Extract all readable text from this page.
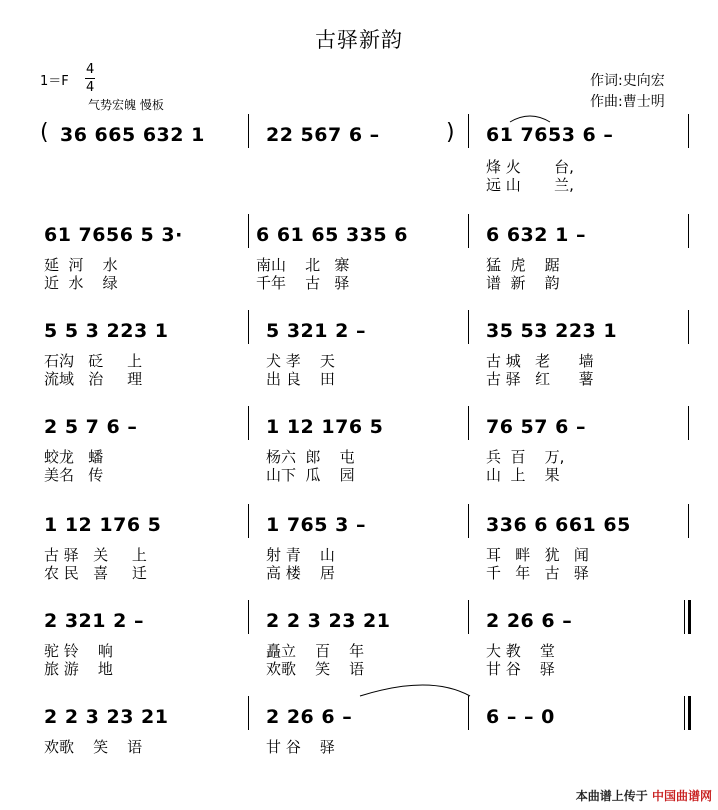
古驿新韵
1＝F
4
4
气势宏魄 慢板
作词:史向宏
作曲:曹士明
( 36 665 632 1	22 567 6 –	) 61 7653 6 –
烽 火       台,
远 山       兰,
61 7656 5 3·	6 61 65 335 6	6 632 1 –
延  河    水	南山    北   寨	猛  虎    踞
近  水    绿	千年    古   驿	谱  新    韵
5 5 3 223 1	5 321 2 –	35 53 223 1
石沟   砭     上	犬 孝    天	古 城   老      墙
流域   治     理	出 良    田	古 驿   红      薯
2 5 7 6 –	1 12 176 5	76 57 6 –
蛟龙   蟠	杨六  郎    屯	兵  百    万,
美名   传	山下  瓜    园	山  上    果
1 12 176 5	1 765 3 –	336 6 661 65
古 驿   关     上	射 青    山	耳   畔   犹   闻
农 民   喜     迁	高 楼    居	千   年   古   驿
2 321 2 –	2 2 3 23 21	2 26 6 –
驼 铃    响	矗立    百    年	大 教    堂
旅 游    地	欢歌    笑    语	甘 谷    驿
2 2 3 23 21	2 26 6 –	6 – – 0
欢歌    笑    语	甘 谷    驿
本曲谱上传于 中国曲谱网
